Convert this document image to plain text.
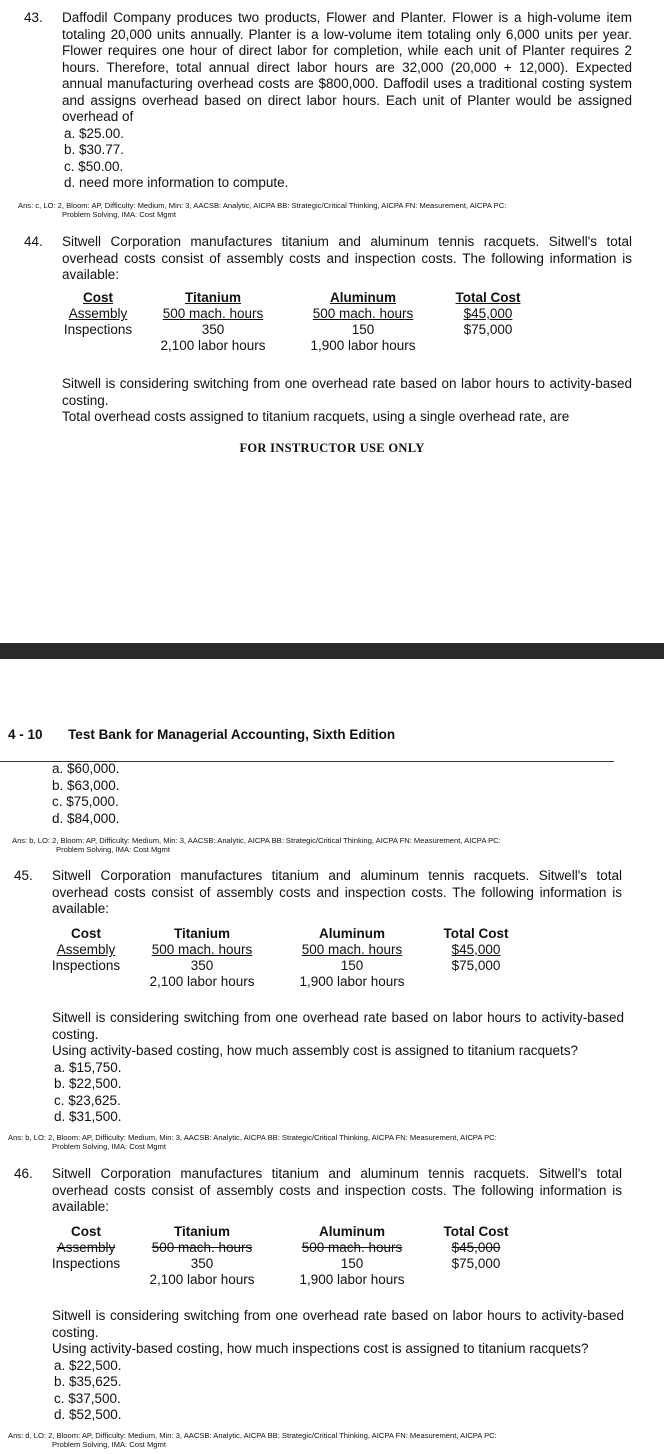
43. Daffodil Company produces two products, Flower and Planter. Flower is a high-volume item totaling 20,000 units annually. Planter is a low-volume item totaling only 6,000 units per year. Flower requires one hour of direct labor for completion, while each unit of Planter requires 2 hours. Therefore, total annual direct labor hours are 32,000 (20,000 + 12,000). Expected annual manufacturing overhead costs are $800,000. Daffodil uses a traditional costing system and assigns overhead based on direct labor hours. Each unit of Planter would be assigned overhead of
a. $25.00.
b. $30.77.
c. $50.00.
d. need more information to compute.
Ans: c, LO: 2, Bloom: AP, Difficulty: Medium, Min: 3, AACSB: Analytic, AICPA BB: Strategic/Critical Thinking, AICPA FN: Measurement, AICPA PC:
Problem Solving, IMA: Cost Mgmt
44. Sitwell Corporation manufactures titanium and aluminum tennis racquets. Sitwell's total overhead costs consist of assembly costs and inspection costs. The following information is available:
Cost	Titanium	Aluminum	Total Cost
Assembly	500 mach. hours	500 mach. hours	$45,000
Inspections	350	150	$75,000
	2,100 labor hours	1,900 labor hours	
Sitwell is considering switching from one overhead rate based on labor hours to activity-based costing.
Total overhead costs assigned to titanium racquets, using a single overhead rate, are
FOR INSTRUCTOR USE ONLY
4 - 10 Test Bank for Managerial Accounting, Sixth Edition
a. $60,000.
b. $63,000.
c. $75,000.
d. $84,000.
Ans: b, LO: 2, Bloom: AP, Difficulty: Medium, Min: 3, AACSB: Analytic, AICPA BB: Strategic/Critical Thinking, AICPA FN: Measurement, AICPA PC:
Problem Solving, IMA: Cost Mgmt
45. Sitwell Corporation manufactures titanium and aluminum tennis racquets. Sitwell's total overhead costs consist of assembly costs and inspection costs. The following information is available:
Cost	Titanium	Aluminum	Total Cost
Assembly	500 mach. hours	500 mach. hours	$45,000
Inspections	350	150	$75,000
	2,100 labor hours	1,900 labor hours	
Sitwell is considering switching from one overhead rate based on labor hours to activity-based costing.
Using activity-based costing, how much assembly cost is assigned to titanium racquets?
a. $15,750.
b. $22,500.
c. $23,625.
d. $31,500.
Ans: b, LO: 2, Bloom: AP, Difficulty: Medium, Min: 3, AACSB: Analytic, AICPA BB: Strategic/Critical Thinking, AICPA FN: Measurement, AICPA PC:
Problem Solving, IMA: Cost Mgmt
46. Sitwell Corporation manufactures titanium and aluminum tennis racquets. Sitwell's total overhead costs consist of assembly costs and inspection costs. The following information is available:
Cost	Titanium	Aluminum	Total Cost
Assembly	500 mach. hours	500 mach. hours	$45,000
Inspections	350	150	$75,000
	2,100 labor hours	1,900 labor hours	
Sitwell is considering switching from one overhead rate based on labor hours to activity-based costing.
Using activity-based costing, how much inspections cost is assigned to titanium racquets?
a. $22,500.
b. $35,625.
c. $37,500.
d. $52,500.
Ans: d, LO: 2, Bloom: AP, Difficulty: Medium, Min: 3, AACSB: Analytic, AICPA BB: Strategic/Critical Thinking, AICPA FN: Measurement, AICPA PC:
Problem Solving, IMA: Cost Mgmt
